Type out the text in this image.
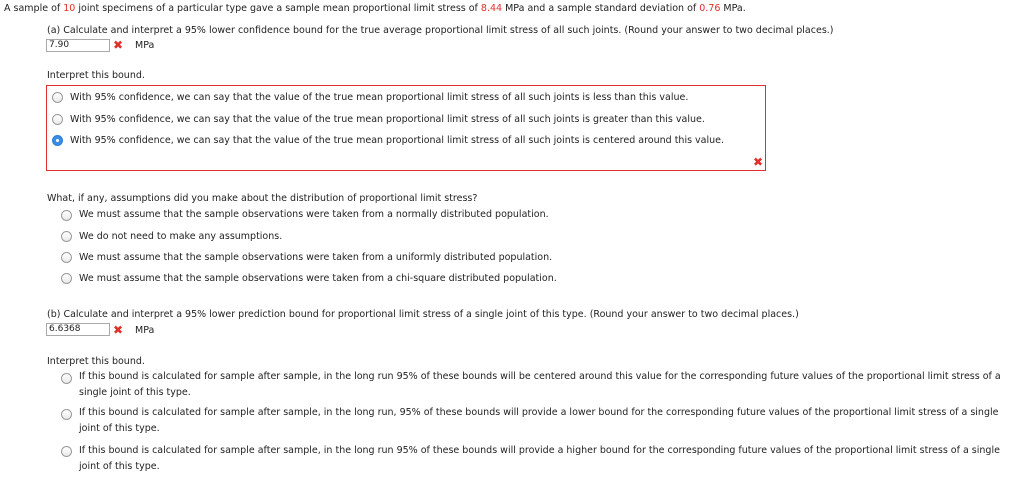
A sample of 10 joint specimens of a particular type gave a sample mean proportional limit stress of 8.44 MPa and a sample standard deviation of 0.76 MPa.
(a) Calculate and interpret a 95% lower confidence bound for the true average proportional limit stress of all such joints. (Round your answer to two decimal places.)
7.90	✖ MPa
Interpret this bound.
With 95% confidence, we can say that the value of the true mean proportional limit stress of all such joints is less than this value.
With 95% confidence, we can say that the value of the true mean proportional limit stress of all such joints is greater than this value.
With 95% confidence, we can say that the value of the true mean proportional limit stress of all such joints is centered around this value.
✖
What, if any, assumptions did you make about the distribution of proportional limit stress?
We must assume that the sample observations were taken from a normally distributed population.
We do not need to make any assumptions.
We must assume that the sample observations were taken from a uniformly distributed population.
We must assume that the sample observations were taken from a chi-square distributed population.
(b) Calculate and interpret a 95% lower prediction bound for proportional limit stress of a single joint of this type. (Round your answer to two decimal places.)
6.6368	✖ MPa
Interpret this bound.
If this bound is calculated for sample after sample, in the long run 95% of these bounds will be centered around this value for the corresponding future values of the proportional limit stress of a single joint of this type.
If this bound is calculated for sample after sample, in the long run, 95% of these bounds will provide a lower bound for the corresponding future values of the proportional limit stress of a single joint of this type.
If this bound is calculated for sample after sample, in the long run 95% of these bounds will provide a higher bound for the corresponding future values of the proportional limit stress of a single joint of this type.
